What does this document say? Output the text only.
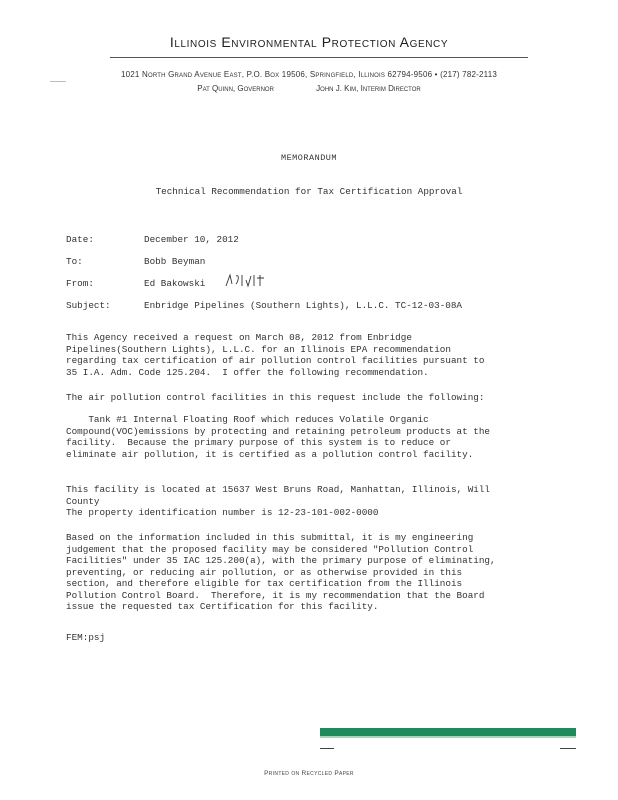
Illinois Environmental Protection Agency
1021 North Grand Avenue East, P.O. Box 19506, Springfield, Illinois 62794-9506 • (217) 782-2113
Pat Quinn, Governor	John J. Kim, Interim Director
MEMORANDUM
Technical Recommendation for Tax Certification Approval
Date:	December 10, 2012
To:	Bobb Beyman
From:	Ed Bakowski
Subject:	Enbridge Pipelines (Southern Lights), L.L.C. TC-12-03-08A
This Agency received a request on March 08, 2012 from Enbridge
Pipelines(Southern Lights), L.L.C. for an Illinois EPA recommendation
regarding tax certification of air pollution control facilities pursuant to
35 I.A. Adm. Code 125.204.  I offer the following recommendation.
The air pollution control facilities in this request include the following:
Tank #1 Internal Floating Roof which reduces Volatile Organic
Compound(VOC)emissions by protecting and retaining petroleum products at the
facility.  Because the primary purpose of this system is to reduce or
eliminate air pollution, it is certified as a pollution control facility.
This facility is located at 15637 West Bruns Road, Manhattan, Illinois, Will
County
The property identification number is 12-23-101-002-0000
Based on the information included in this submittal, it is my engineering
judgement that the proposed facility may be considered "Pollution Control
Facilities" under 35 IAC 125.200(a), with the primary purpose of eliminating,
preventing, or reducing air pollution, or as otherwise provided in this
section, and therefore eligible for tax certification from the Illinois
Pollution Control Board.  Therefore, it is my recommendation that the Board
issue the requested tax Certification for this facility.
FEM:psj
Printed on Recycled Paper
